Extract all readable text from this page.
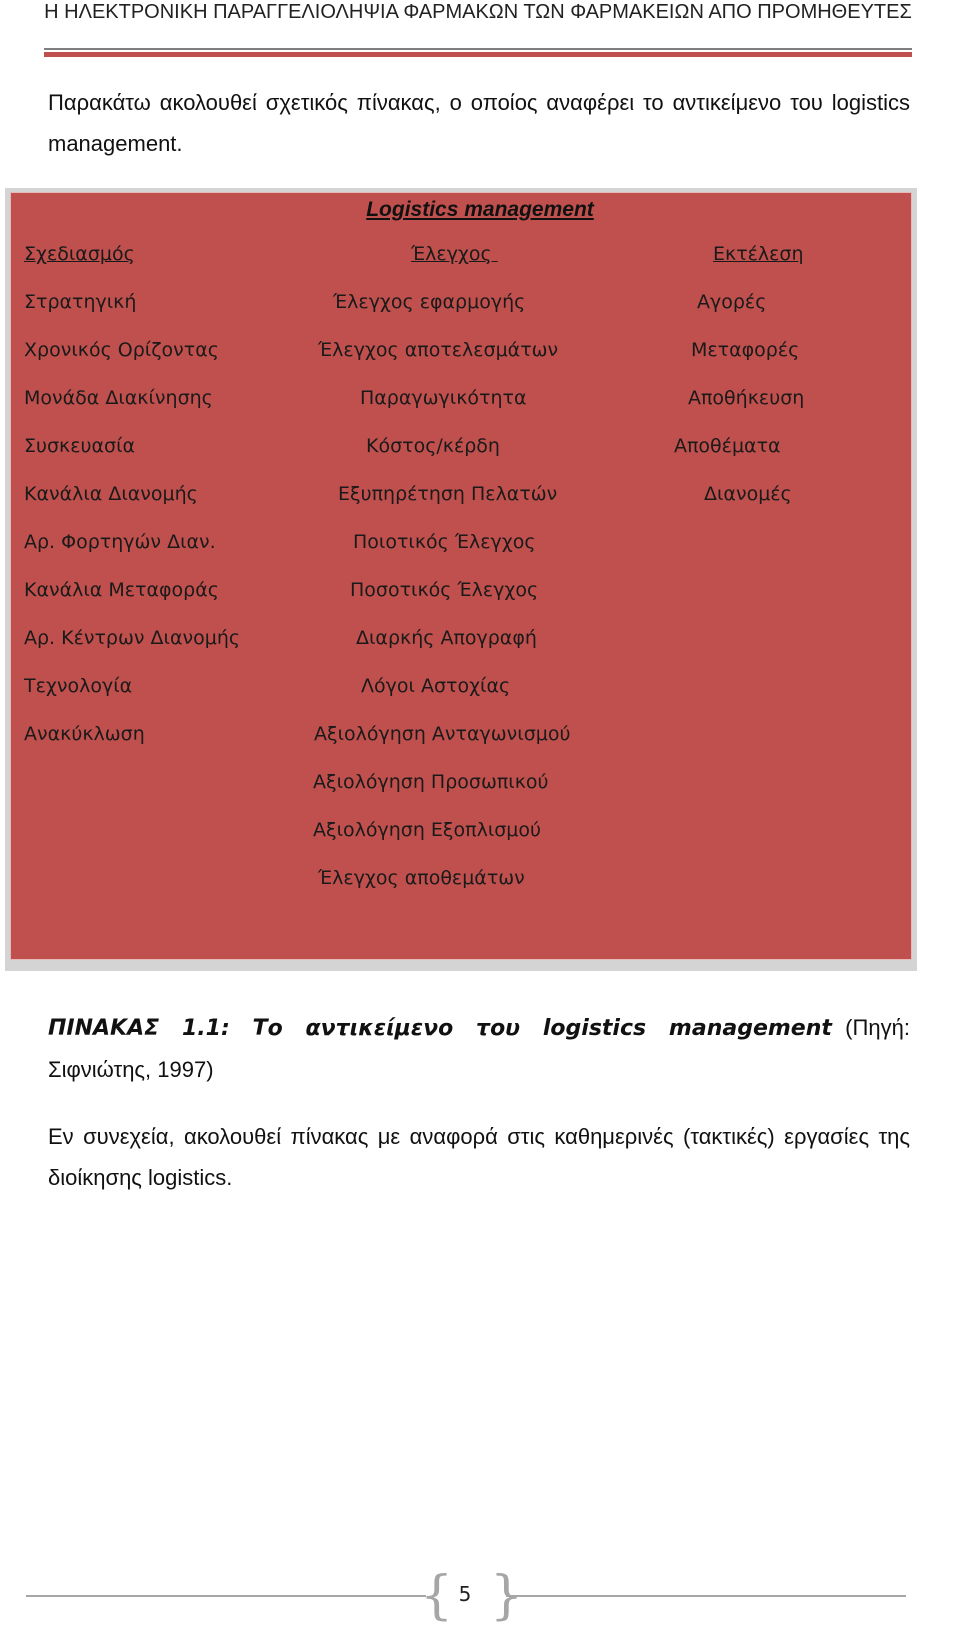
Η ΗΛΕΚΤΡΟΝΙΚΗ ΠΑΡΑΓΓΕΛΙΟΛΗΨΙΑ ΦΑΡΜΑΚΩΝ ΤΩΝ ΦΑΡΜΑΚΕΙΩΝ ΑΠΟ ΠΡΟΜΗΘΕΥΤΕΣ

Παρακάτω ακολουθεί σχετικός πίνακας, ο οποίος αναφέρει το αντικείμενο του logistics management.

Logistics management
Σχεδιασμός	Έλεγχος	Εκτέλεση
Στρατηγική
Χρονικός Ορίζοντας
Μονάδα Διακίνησης
Συσκευασία
Κανάλια Διανομής
Αρ. Φορτηγών Διαν.
Κανάλια Μεταφοράς
Αρ. Κέντρων Διανομής
Τεχνολογία
Ανακύκλωση
Έλεγχος εφαρμογής
Έλεγχος αποτελεσμάτων
Παραγωγικότητα
Κόστος/κέρδη
Εξυπηρέτηση Πελατών
Ποιοτικός Έλεγχος
Ποσοτικός Έλεγχος
Διαρκής Απογραφή
Λόγοι Αστοχίας
Αξιολόγηση Ανταγωνισμού
Αξιολόγηση Προσωπικού
Αξιολόγηση Εξοπλισμού
Έλεγχος αποθεμάτων
Αγορές
Μεταφορές
Αποθήκευση
Αποθέματα
Διανομές

ΠΙΝΑΚΑΣ 1.1: Το αντικείμενο του logistics management (Πηγή: Σιφνιώτης, 1997)

Εν συνεχεία, ακολουθεί πίνακας με αναφορά στις καθημερινές (τακτικές) εργασίες της διοίκησης logistics.

{ }
5
